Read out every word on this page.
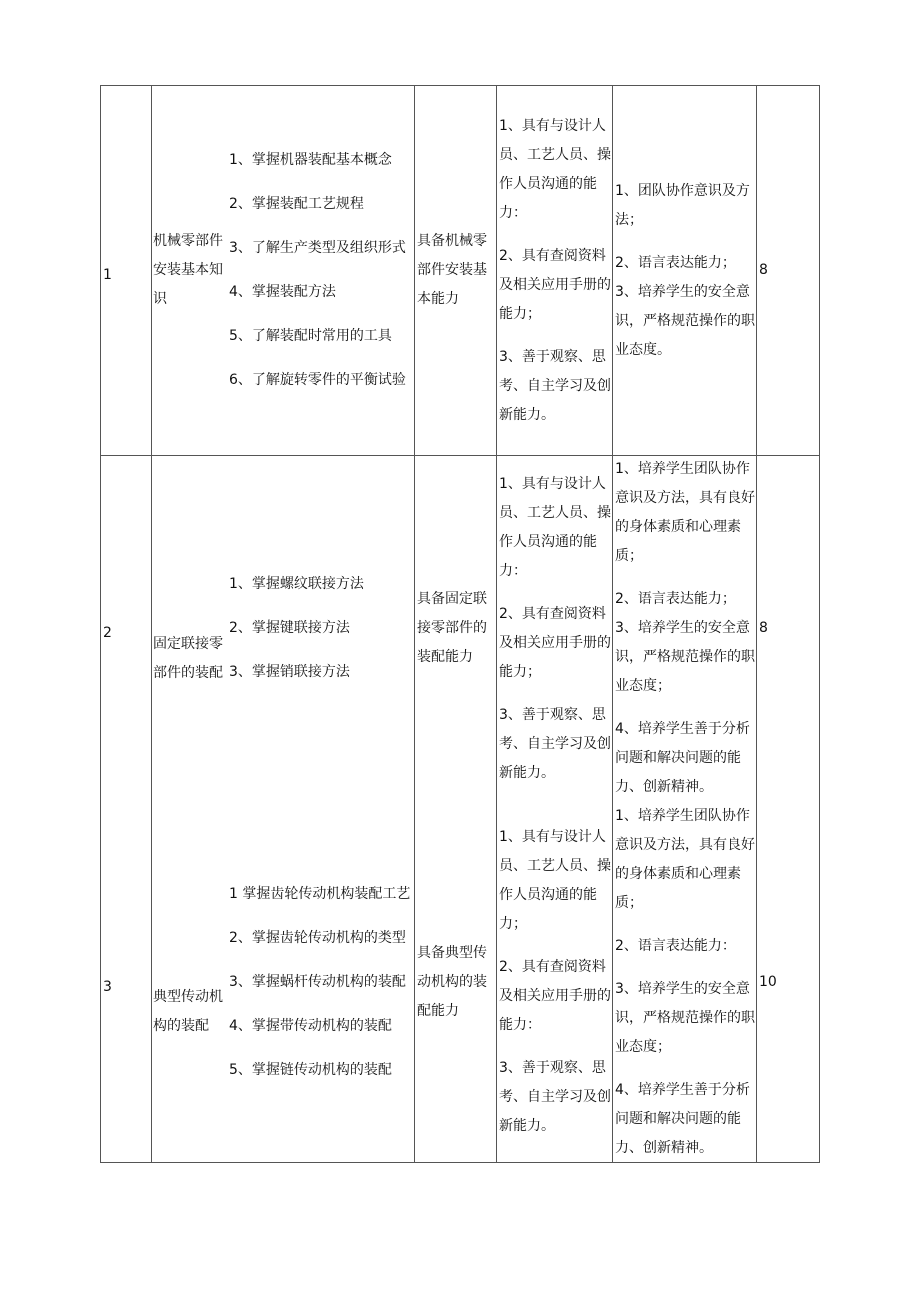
1
机械零部件安装基本知识

1、掌握机器装配基本概念

2、掌握装配工艺规程

3、了解生产类型及组织形式

4、掌握装配方法

5、了解装配时常用的工具

6、了解旋转零件的平衡试验

具备机械零部件安装基本能力

1、具有与设计人员、工艺人员、操作人员沟通的能力：

2、具有查阅资料及相关应用手册的能力；

3、善于观察、思考、自主学习及创新能力。

1、团队协作意识及方法；

2、语言表达能力；3、培养学生的安全意识，严格规范操作的职业态度。

8
2
固定联接零部件的装配

1、掌握螺纹联接方法

2、掌握键联接方法

3、掌握销联接方法

具备固定联接零部件的装配能力

1、具有与设计人员、工艺人员、操作人员沟通的能力：

2、具有查阅资料及相关应用手册的能力；

3、善于观察、思考、自主学习及创新能力。

1、培养学生团队协作意识及方法，具有良好的身体素质和心理素质；

2、语言表达能力；3、培养学生的安全意识，严格规范操作的职业态度；

4、培养学生善于分析问题和解决问题的能力、创新精神。

8
3
典型传动机构的装配

1 掌握齿轮传动机构装配工艺

2、掌握齿轮传动机构的类型

3、掌握蜗杆传动机构的装配

4、掌握带传动机构的装配

5、掌握链传动机构的装配

具备典型传动机构的装配能力

1、具有与设计人员、工艺人员、操作人员沟通的能力；

2、具有查阅资料及相关应用手册的能力：

3、善于观察、思考、自主学习及创新能力。

1、培养学生团队协作意识及方法，具有良好的身体素质和心理素质；

2、语言表达能力：

3、培养学生的安全意识，严格规范操作的职业态度；

4、培养学生善于分析问题和解决问题的能力、创新精神。

10
